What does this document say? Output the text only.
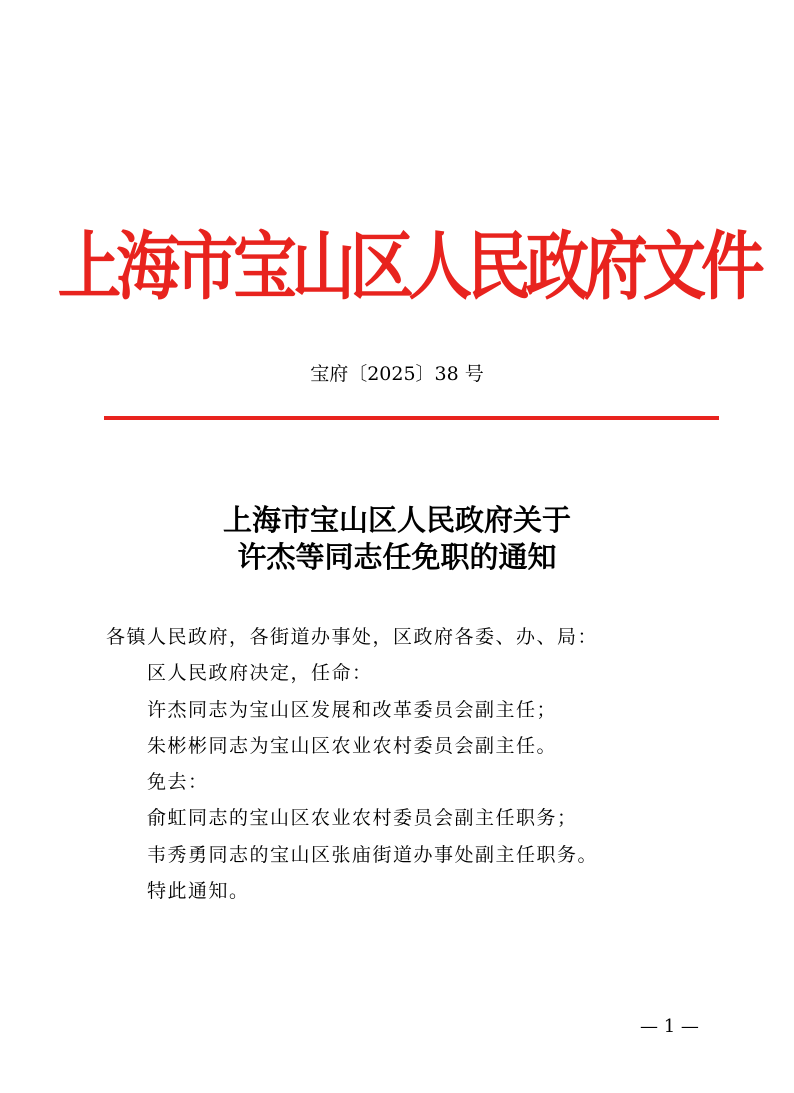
上海市宝山区人民政府文件
宝府〔2025〕38 号
上海市宝山区人民政府关于
许杰等同志任免职的通知

各镇人民政府，各街道办事处，区政府各委、办、局：

区人民政府决定，任命：

许杰同志为宝山区发展和改革委员会副主任；

朱彬彬同志为宝山区农业农村委员会副主任。

免去：

俞虹同志的宝山区农业农村委员会副主任职务；

韦秀勇同志的宝山区张庙街道办事处副主任职务。

特此通知。

— 1 —
